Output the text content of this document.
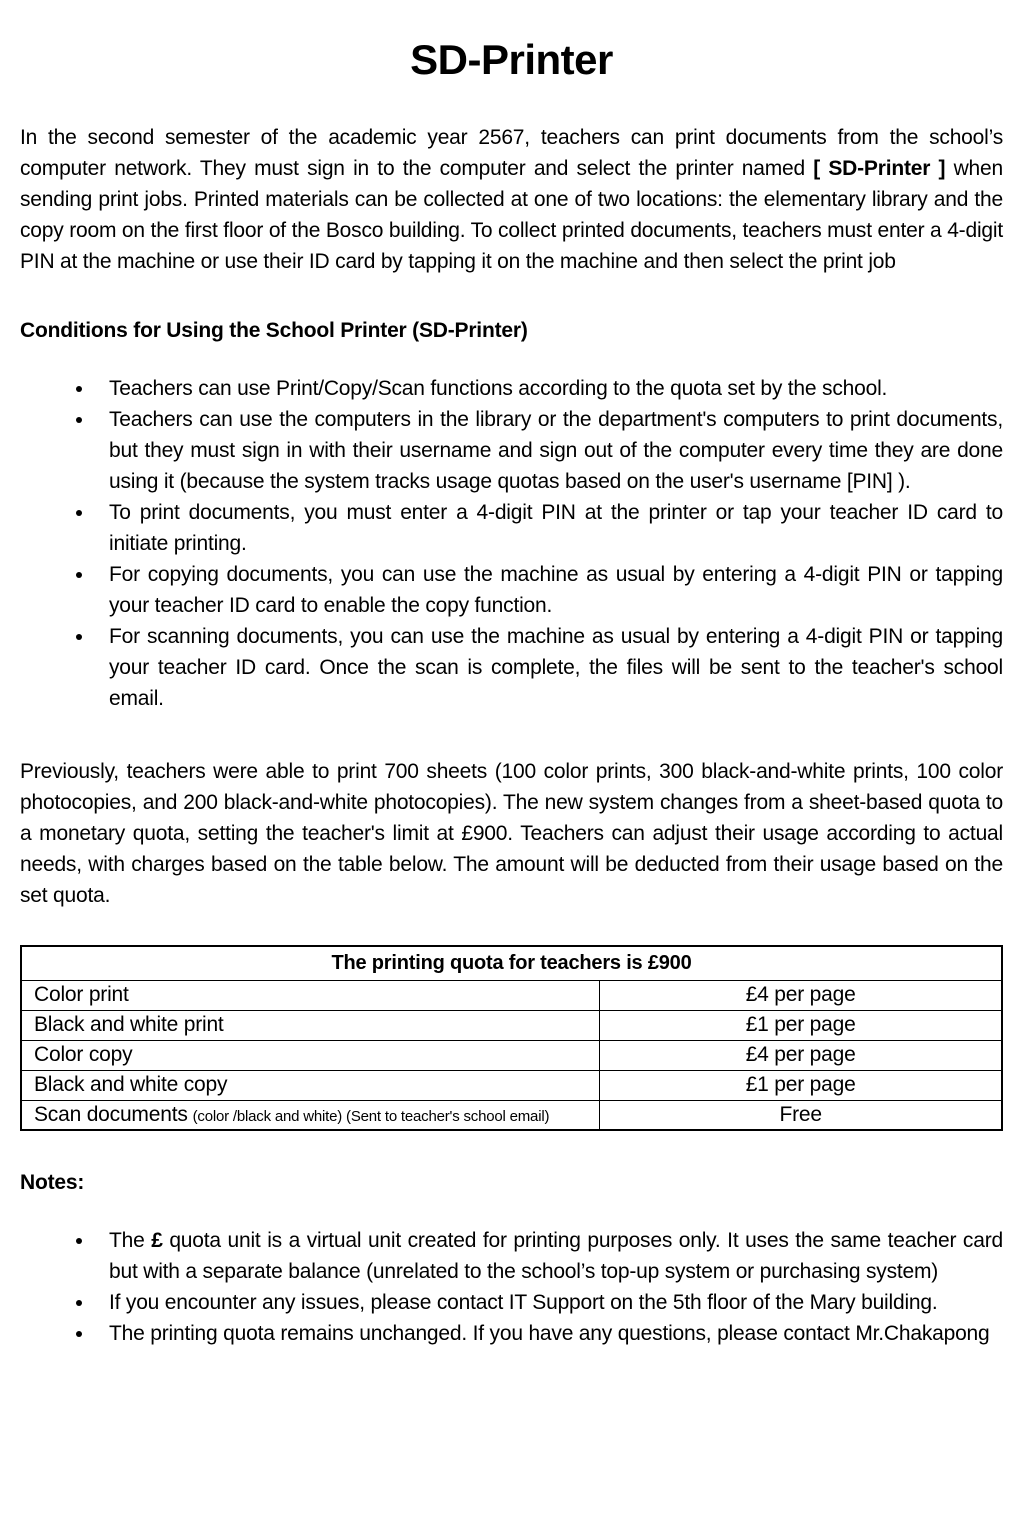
SD-Printer

In the second semester of the academic year 2567, teachers can print documents from the school’s computer network. They must sign in to the computer and select the printer named [ SD-Printer ] when sending print jobs. Printed materials can be collected at one of two locations: the elementary library and the copy room on the first floor of the Bosco building. To collect printed documents, teachers must enter a 4-digit PIN at the machine or use their ID card by tapping it on the machine and then select the print job

Conditions for Using the School Printer (SD-Printer)
• Teachers can use Print/Copy/Scan functions according to the quota set by the school.
• Teachers can use the computers in the library or the department's computers to print documents, but they must sign in with their username and sign out of the computer every time they are done using it (because the system tracks usage quotas based on the user's username [PIN] ).
• To print documents, you must enter a 4-digit PIN at the printer or tap your teacher ID card to initiate printing.
• For copying documents, you can use the machine as usual by entering a 4-digit PIN or tapping your teacher ID card to enable the copy function.
• For scanning documents, you can use the machine as usual by entering a 4-digit PIN or tapping your teacher ID card. Once the scan is complete, the files will be sent to the teacher's school email.

Previously, teachers were able to print 700 sheets (100 color prints, 300 black-and-white prints, 100 color photocopies, and 200 black-and-white photocopies). The new system changes from a sheet-based quota to a monetary quota, setting the teacher's limit at £900. Teachers can adjust their usage according to actual needs, with charges based on the table below. The amount will be deducted from their usage based on the set quota.

The printing quota for teachers is £900	
Color print	£4 per page
Black and white print	£1 per page
Color copy	£4 per page
Black and white copy	£1 per page
Scan documents (color /black and white) (Sent to teacher's school email)	Free
Notes:
• The £ quota unit is a virtual unit created for printing purposes only. It uses the same teacher card but with a separate balance (unrelated to the school’s top-up system or purchasing system)
• If you encounter any issues, please contact IT Support on the 5th floor of the Mary building.
• The printing quota remains unchanged. If you have any questions, please contact Mr.Chakapong
